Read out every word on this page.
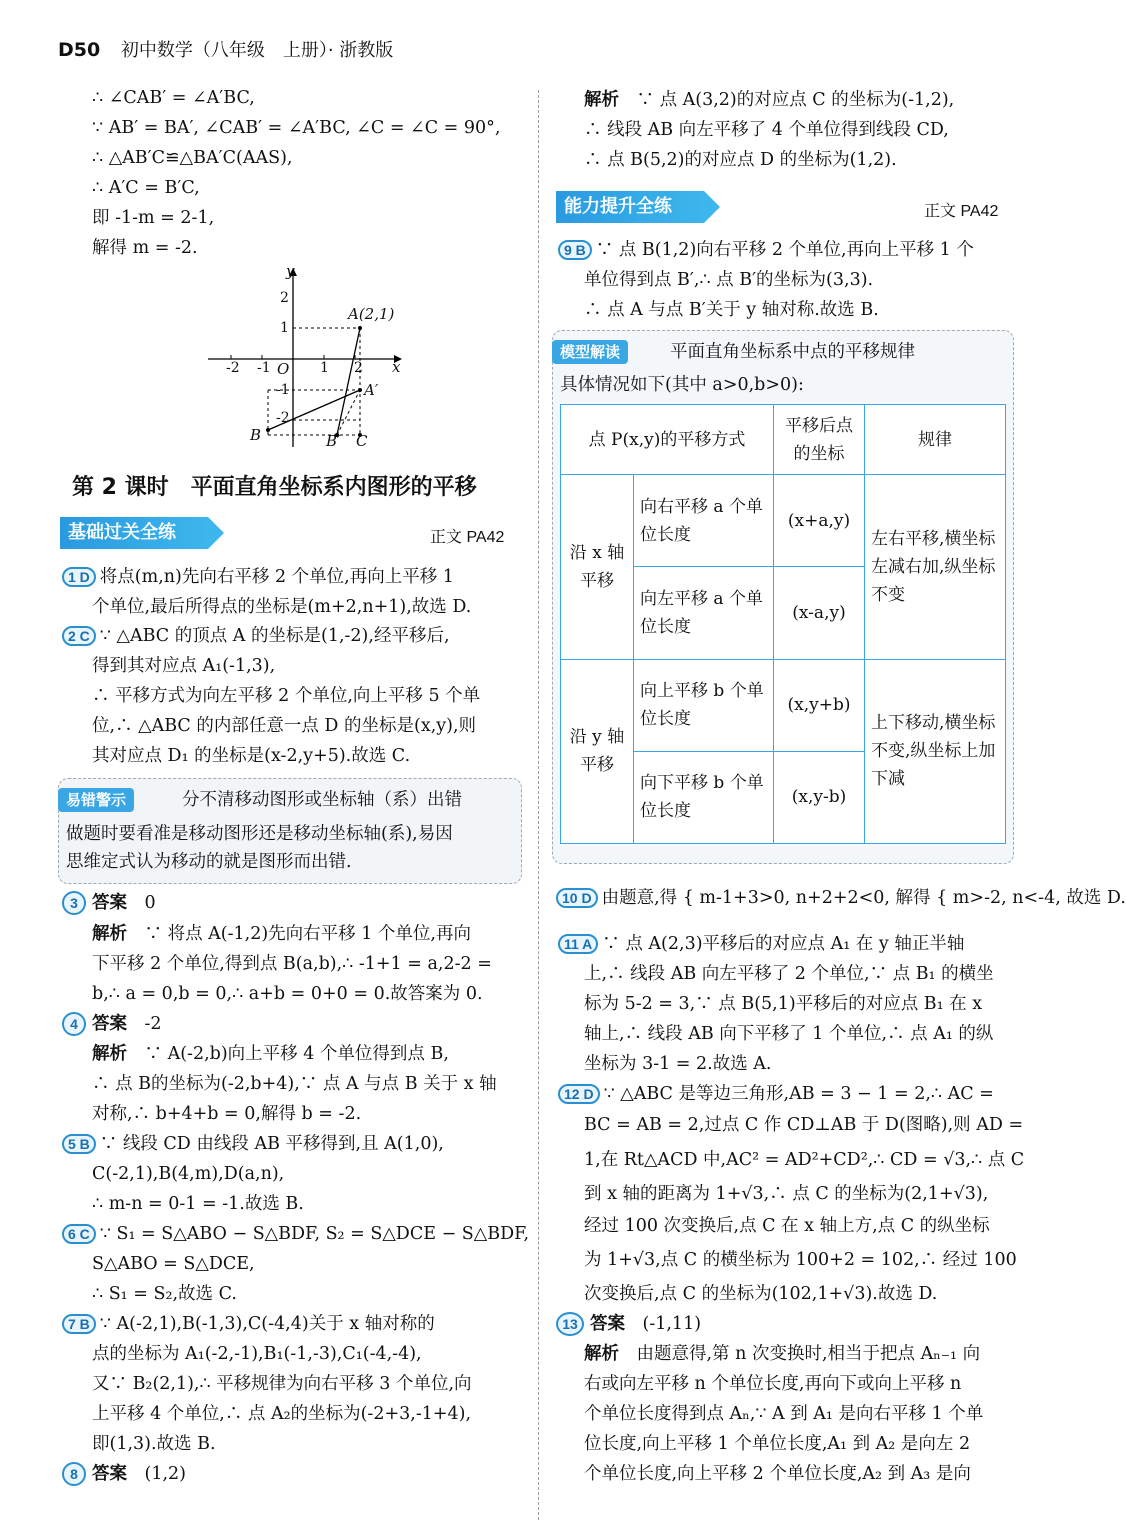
D50 初中数学（八年级　上册）· 浙教版
∴ ∠CAB′ = ∠A′BC,
∵ AB′ = BA′, ∠CAB′ = ∠A′BC, ∠C = ∠C = 90°,
∴ △AB′C≌△BA′C(AAS),
∴ A′C = B′C,
即 -1-m = 2-1,
解得 m = -2.
y
x
O
A(2,1)
A′
B	B′ C
2
1
-1
-2
-2 -1	1 2
第 2 课时　平面直角坐标系内图形的平移
基础过关全练	正文 PA42
1 D 将点(m,n)先向右平移 2 个单位,再向上平移 1
个单位,最后所得点的坐标是(m+2,n+1),故选 D.
2 C ∵ △ABC 的顶点 A 的坐标是(1,-2),经平移后,
得到其对应点 A₁(-1,3),
∴ 平移方式为向左平移 2 个单位,向上平移 5 个单
位,∴ △ABC 的内部任意一点 D 的坐标是(x,y),则
其对应点 D₁ 的坐标是(x-2,y+5).故选 C.
易错警示	分不清移动图形或坐标轴（系）出错
做题时要看准是移动图形还是移动坐标轴(系),易因
思维定式认为移动的就是图形而出错.
3 答案　 0
解析　 ∵ 将点 A(-1,2)先向右平移 1 个单位,再向
下平移 2 个单位,得到点 B(a,b),∴ -1+1 = a,2-2 =
b,∴ a = 0,b = 0,∴ a+b = 0+0 = 0.故答案为 0.
4 答案　 -2
解析　 ∵ A(-2,b)向上平移 4 个单位得到点 B,
∴ 点 B的坐标为(-2,b+4),∵ 点 A 与点 B 关于 x 轴
对称,∴ b+4+b = 0,解得 b = -2.
5 B ∵ 线段 CD 由线段 AB 平移得到,且 A(1,0),
C(-2,1),B(4,m),D(a,n),
∴ m-n = 0-1 = -1.故选 B.
6 C ∵ S₁ = S△ABO − S△BDF, S₂ = S△DCE − S△BDF,
S△ABO = S△DCE,
∴ S₁ = S₂,故选 C.
7 B ∵ A(-2,1),B(-1,3),C(-4,4)关于 x 轴对称的
点的坐标为 A₁(-2,-1),B₁(-1,-3),C₁(-4,-4),
又∵ B₂(2,1),∴ 平移规律为向右平移 3 个单位,向
上平移 4 个单位,∴ 点 A₂的坐标为(-2+3,-1+4),
即(1,3).故选 B.
8 答案　 (1,2)
解析　 ∵ 点 A(3,2)的对应点 C 的坐标为(-1,2),
∴ 线段 AB 向左平移了 4 个单位得到线段 CD,
∴ 点 B(5,2)的对应点 D 的坐标为(1,2).
能力提升全练	正文 PA42
9 B ∵ 点 B(1,2)向右平移 2 个单位,再向上平移 1 个
单位得到点 B′,∴ 点 B′的坐标为(3,3).
∴ 点 A 与点 B′关于 y 轴对称.故选 B.
模型解读	平面直角坐标系中点的平移规律
具体情况如下(其中 a>0,b>0):
点 P(x,y)的平移方式		平移后点的坐标	规律
沿 x 轴平移	向右平移 a 个单位长度	(x+a,y)	左右平移,横坐标左减右加,纵坐标不变
	向左平移 a 个单位长度	(x-a,y)	
沿 y 轴平移	向上平移 b 个单位长度	(x,y+b)	上下移动,横坐标不变,纵坐标上加下减
	向下平移 b 个单位长度	(x,y-b)	
10 D 由题意,得 { m-1+3>0, n+2+2<0, 解得 { m>-2, n<-4, 故选 D.
11 A ∵ 点 A(2,3)平移后的对应点 A₁ 在 y 轴正半轴
上,∴ 线段 AB 向左平移了 2 个单位,∵ 点 B₁ 的横坐
标为 5-2 = 3,∵ 点 B(5,1)平移后的对应点 B₁ 在 x
轴上,∴ 线段 AB 向下平移了 1 个单位,∴ 点 A₁ 的纵
坐标为 3-1 = 2.故选 A.
12 D ∵ △ABC 是等边三角形,AB = 3 − 1 = 2,∴ AC =
BC = AB = 2,过点 C 作 CD⊥AB 于 D(图略),则 AD =
1,在 Rt△ACD 中,AC² = AD²+CD²,∴ CD = √3,∴ 点 C
到 x 轴的距离为 1+√3,∴ 点 C 的坐标为(2,1+√3),
经过 100 次变换后,点 C 在 x 轴上方,点 C 的纵坐标
为 1+√3,点 C 的横坐标为 100+2 = 102,∴ 经过 100
次变换后,点 C 的坐标为(102,1+√3).故选 D.
13 答案　 (-1,11)
解析　 由题意得,第 n 次变换时,相当于把点 Aₙ₋₁ 向
右或向左平移 n 个单位长度,再向下或向上平移 n
个单位长度得到点 Aₙ,∵ A 到 A₁ 是向右平移 1 个单
位长度,向上平移 1 个单位长度,A₁ 到 A₂ 是向左 2
个单位长度,向上平移 2 个单位长度,A₂ 到 A₃ 是向
